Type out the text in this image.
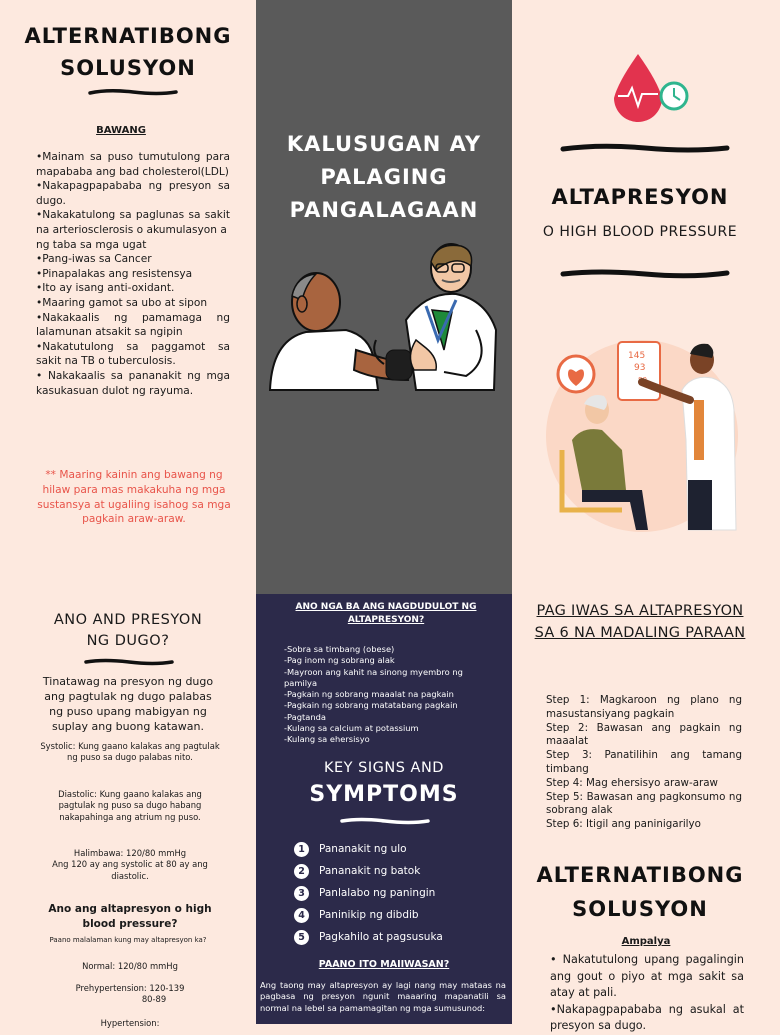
ALTERNATIBONG
SOLUSYON
BAWANG
•Mainam sa puso tumutulong para mapababa ang bad cholesterol(LDL)
•Nakapagpapababa ng presyon sa dugo.
•Nakakatulong sa paglunas sa sakit na arteriosclerosis o akumulasyon a
ng taba sa mga ugat
•Pang-iwas sa Cancer
•Pinapalakas ang resistensya
•Ito ay isang anti-oxidant.
•Maaring gamot sa ubo at sipon
•Nakakaalis ng pamamaga ng lalamunan atsakit sa ngipin
•Nakatutulong sa paggamot sa sakit na TB o tuberculosis.
• Nakakaalis sa pananakit ng mga kasukasuan dulot ng rayuma.
** Maaring kainin ang bawang ng hilaw para mas makakuha ng mga sustansya at ugaliing isahog sa mga pagkain araw-araw.
KALUSUGAN AY
PALAGING
PANGALAGAAN
ALTAPRESYON
O HIGH BLOOD PRESSURE
145
93
80
ANO AND PRESYON
NG DUGO?
Tinatawag na presyon ng dugo ang pagtulak ng dugo palabas ng puso upang mabigyan ng suplay ang buong katawan.
Systolic: Kung gaano kalakas ang pagtulak ng puso sa dugo palabas nito.
Diastolic: Kung gaano kalakas ang pagtulak ng puso sa dugo habang nakapahinga ang atrium ng puso.
Halimbawa: 120/80 mmHg
Ang 120 ay ang systolic at 80 ay ang diastolic.
Ano ang altapresyon o high blood pressure?
Paano malalaman kung may altapresyon ka?
Normal: 120/80 mmHg
Prehypertension: 120-139
80-89
Hypertension:
ANO NGA BA ANG NAGDUDULOT NG ALTAPRESYON?
-Sobra sa timbang (obese)
-Pag inom ng sobrang alak
-Mayroon ang kahit na sinong myembro ng pamilya
-Pagkain ng sobrang maaalat na pagkain
-Pagkain ng sobrang matatabang pagkain
-Pagtanda
-Kulang sa calcium at potassium
-Kulang sa ehersisyo
KEY SIGNS AND
SYMPTOMS
1	Pananakit ng ulo
2	Pananakit ng batok
3	Panlalabo ng paningin
4	Paninikip ng dibdib
5	Pagkahilo at pagsusuka
PAANO ITO MAIIWASAN?
Ang taong may altapresyon ay lagi nang may mataas na pagbasa ng presyon ngunit maaaring mapanatili sa normal na lebel sa pamamagitan ng mga sumusunod:
PAG IWAS SA ALTAPRESYON SA 6 NA MADALING PARAAN
Step 1: Magkaroon ng plano ng masustansiyang pagkain
Step 2: Bawasan ang pagkain ng maaalat
Step 3: Panatilihin ang tamang timbang
Step 4: Mag ehersisyo araw-araw
Step 5: Bawasan ang pagkonsumo ng sobrang alak
Step 6: Itigil ang paninigarilyo
ALTERNATIBONG
SOLUSYON
Ampalya
• Nakatutulong upang pagalingin ang gout o piyo at mga sakit sa atay at pali.
•Nakapagpapababa ng asukal at presyon sa dugo.
